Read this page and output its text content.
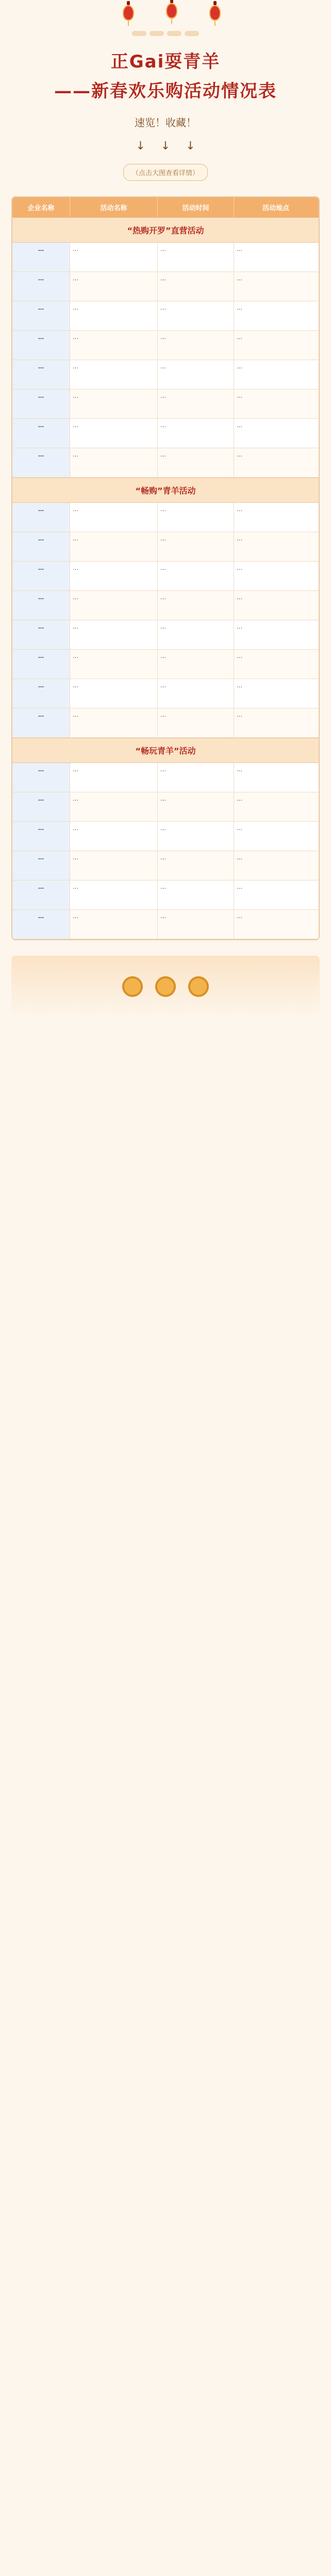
正Gai耍青羊
——新春欢乐购活动情况表
速览！收藏！
↓ ↓ ↓
（点击大图查看详情）
企业名称	活动名称	活动时间	活动地点
“热购开罗”直营活动
…	…	…	…
…	…	…	…
…	…	…	…
…	…	…	…
…	…	…	…
…	…	…	…
…	…	…	…
…	…	…	…
“畅购”青羊活动
…	…	…	…
…	…	…	…
…	…	…	…
…	…	…	…
…	…	…	…
…	…	…	…
…	…	…	…
…	…	…	…
“畅玩青羊”活动
…	…	…	…
…	…	…	…
…	…	…	…
…	…	…	…
…	…	…	…
…	…	…	…
